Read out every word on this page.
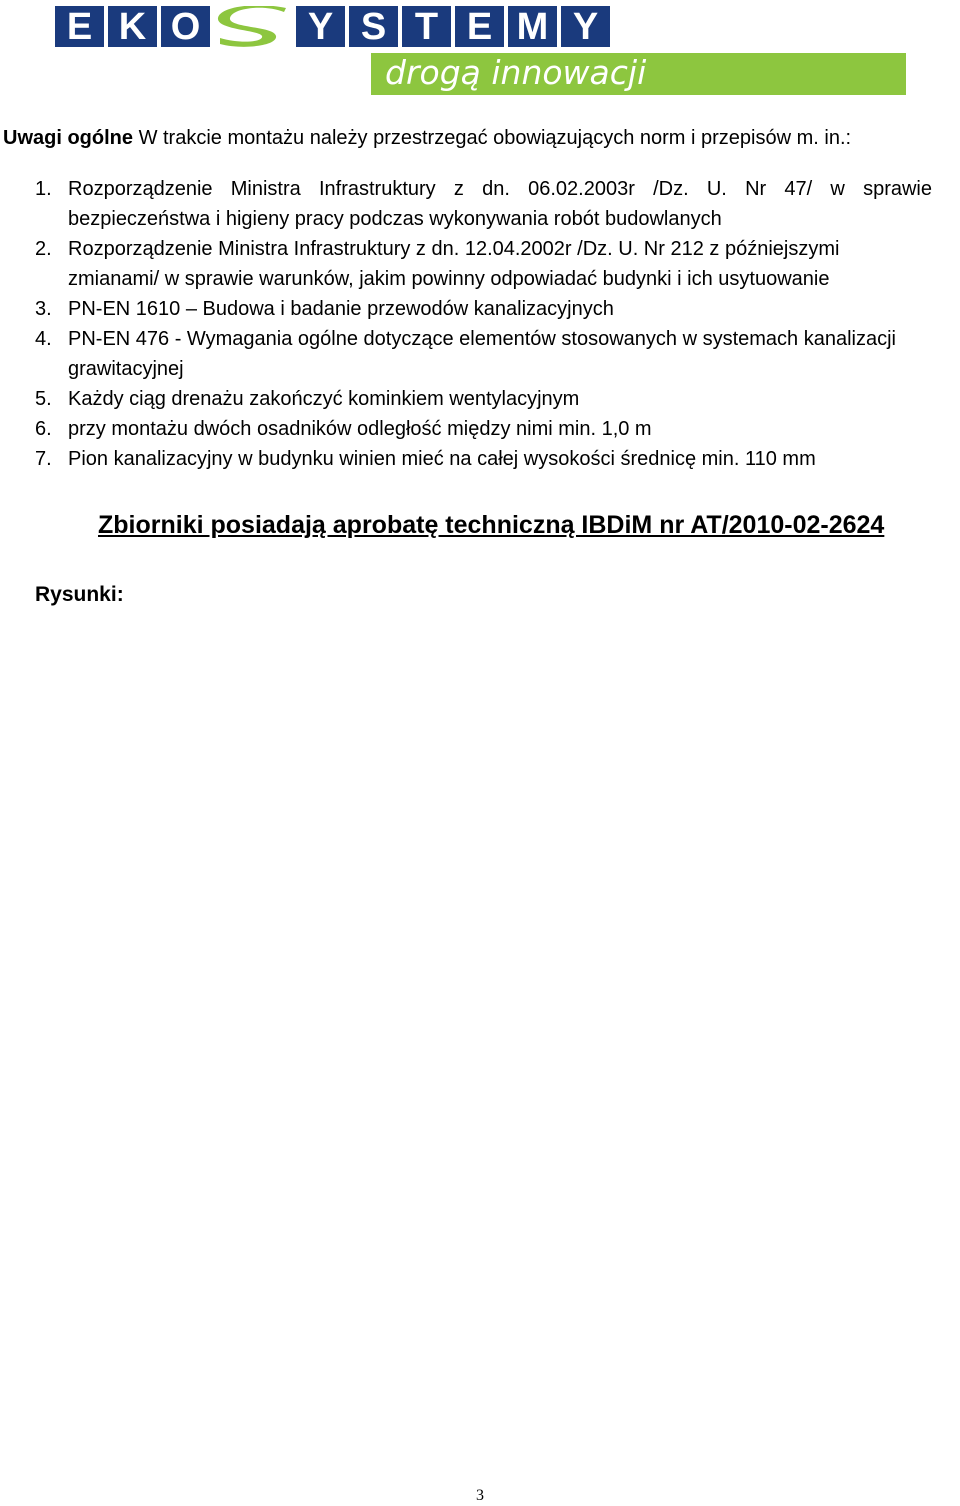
E K O	Y S T E M Y
drogą innowacji
Uwagi ogólne W trakcie montażu należy przestrzegać obowiązujących norm i przepisów m. in.:
1. Rozporządzenie Ministra Infrastruktury z dn. 06.02.2003r /Dz. U. Nr 47/ w sprawie bezpieczeństwa i higieny pracy podczas wykonywania robót budowlanych
2. Rozporządzenie Ministra Infrastruktury z dn. 12.04.2002r /Dz. U. Nr 212 z późniejszymi zmianami/ w sprawie warunków, jakim powinny odpowiadać budynki i ich usytuowanie
3. PN-EN 1610 – Budowa i badanie przewodów kanalizacyjnych
4. PN-EN 476 - Wymagania ogólne dotyczące elementów stosowanych w systemach kanalizacji grawitacyjnej
5. Każdy ciąg drenażu zakończyć kominkiem wentylacyjnym
6. przy montażu dwóch osadników odległość między nimi min. 1,0 m
7. Pion kanalizacyjny w budynku winien mieć na całej wysokości średnicę min. 110 mm
Zbiorniki posiadają aprobatę techniczną IBDiM nr AT/2010-02-2624
Rysunki:
3
